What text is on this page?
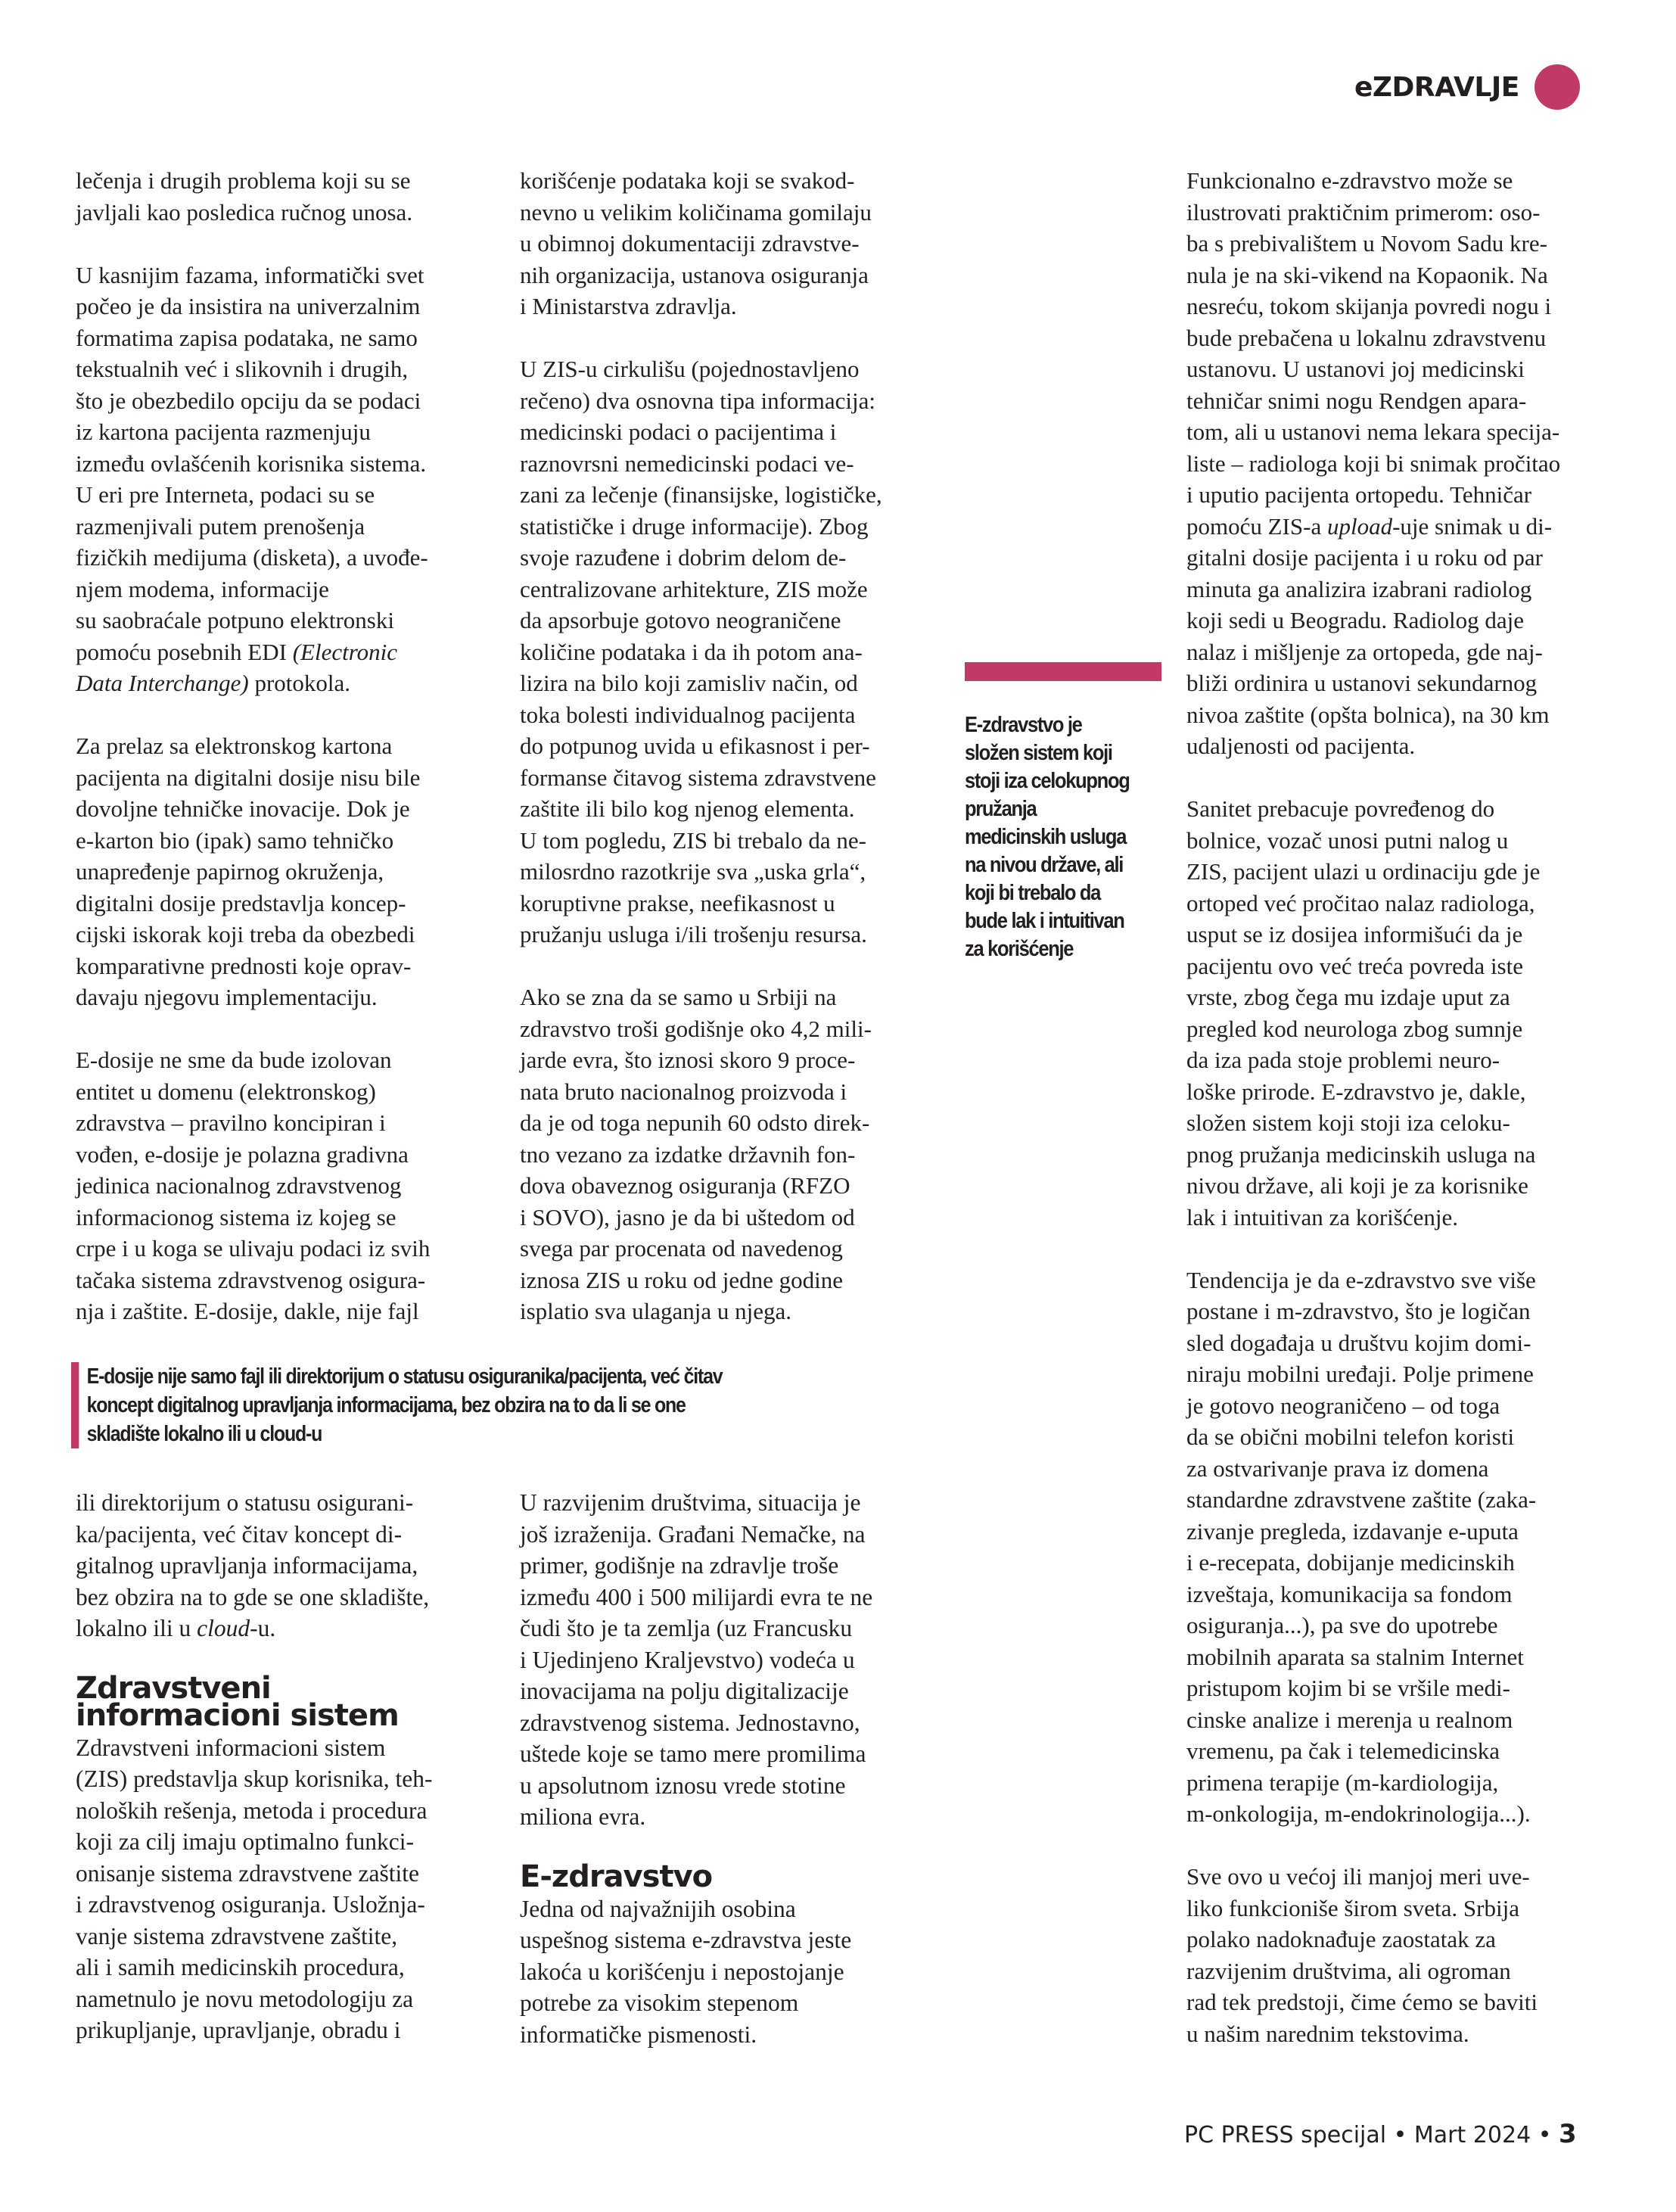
eZDRAVLJE

lečenja i drugih problema koji su se
javljali kao posledica ručnog unosa.

U kasnijim fazama, informatički svet
počeo je da insistira na univerzalnim
formatima zapisa podataka, ne samo
tekstualnih već i slikovnih i drugih,
što je obezbedilo opciju da se podaci
iz kartona pacijenta razmenjuju
između ovlašćenih korisnika sistema.
U eri pre Interneta, podaci su se
razmenjivali putem prenošenja
fizičkih medijuma (disketa), a uvođe-
njem modema, informacije
su saobraćale potpuno elektronski
pomoću posebnih EDI (Electronic
Data Interchange) protokola.

Za prelaz sa elektronskog kartona
pacijenta na digitalni dosije nisu bile
dovoljne tehničke inovacije. Dok je
e-karton bio (ipak) samo tehničko
unapređenje papirnog okruženja,
digitalni dosije predstavlja koncep-
cijski iskorak koji treba da obezbedi
komparativne prednosti koje oprav-
davaju njegovu implementaciju.

E-dosije ne sme da bude izolovan
entitet u domenu (elektronskog)
zdravstva – pravilno koncipiran i
vođen, e-dosije je polazna gradivna
jedinica nacionalnog zdravstvenog
informacionog sistema iz kojeg se
crpe i u koga se ulivaju podaci iz svih
tačaka sistema zdravstvenog osigura-
nja i zaštite. E-dosije, dakle, nije fajl

korišćenje podataka koji se svakod-
nevno u velikim količinama gomilaju
u obimnoj dokumentaciji zdravstve-
nih organizacija, ustanova osiguranja
i Ministarstva zdravlja.

U ZIS-u cirkulišu (pojednostavljeno
rečeno) dva osnovna tipa informacija:
medicinski podaci o pacijentima i
raznovrsni nemedicinski podaci ve-
zani za lečenje (finansijske, logističke,
statističke i druge informacije). Zbog
svoje razuđene i dobrim delom de-
centralizovane arhitekture, ZIS može
da apsorbuje gotovo neograničene
količine podataka i da ih potom ana-
lizira na bilo koji zamisliv način, od
toka bolesti individualnog pacijenta
do potpunog uvida u efikasnost i per-
formanse čitavog sistema zdravstvene
zaštite ili bilo kog njenog elementa.
U tom pogledu, ZIS bi trebalo da ne-
milosrdno razotkrije sva „uska grla“,
koruptivne prakse, neefikasnost u
pružanju usluga i/ili trošenju resursa.

Ako se zna da se samo u Srbiji na
zdravstvo troši godišnje oko 4,2 mili-
jarde evra, što iznosi skoro 9 proce-
nata bruto nacionalnog proizvoda i
da je od toga nepunih 60 odsto direk-
tno vezano za izdatke državnih fon-
dova obaveznog osiguranja (RFZO
i SOVO), jasno je da bi uštedom od
svega par procenata od navedenog
iznosa ZIS u roku od jedne godine
isplatio sva ulaganja u njega.

E-dosije nije samo fajl ili direktorijum o statusu osiguranika/pacijenta, već čitav
koncept digitalnog upravljanja informacijama, bez obzira na to da li se one
skladište lokalno ili u cloud-u

ili direktorijum o statusu osigurani-
ka/pacijenta, već čitav koncept di-
gitalnog upravljanja informacijama,
bez obzira na to gde se one skladište,
lokalno ili u cloud-u.

Zdravstveni
informacioni sistem

Zdravstveni informacioni sistem
(ZIS) predstavlja skup korisnika, teh-
noloških rešenja, metoda i procedura
koji za cilj imaju optimalno funkci-
onisanje sistema zdravstvene zaštite
i zdravstvenog osiguranja. Usložnja-
vanje sistema zdravstvene zaštite,
ali i samih medicinskih procedura,
nametnulo je novu metodologiju za
prikupljanje, upravljanje, obradu i

U razvijenim društvima, situacija je
još izraženija. Građani Nemačke, na
primer, godišnje na zdravlje troše
između 400 i 500 milijardi evra te ne
čudi što je ta zemlja (uz Francusku
i Ujedinjeno Kraljevstvo) vodeća u
inovacijama na polju digitalizacije
zdravstvenog sistema. Jednostavno,
uštede koje se tamo mere promilima
u apsolutnom iznosu vrede stotine
miliona evra.

E-zdravstvo

Jedna od najvažnijih osobina
uspešnog sistema e-zdravstva jeste
lakoća u korišćenju i nepostojanje
potrebe za visokim stepenom
informatičke pismenosti.

E-zdravstvo je
složen sistem koji
stoji iza celokupnog
pružanja
medicinskih usluga
na nivou države, ali
koji bi trebalo da
bude lak i intuitivan
za korišćenje

Funkcionalno e-zdravstvo može se
ilustrovati praktičnim primerom: oso-
ba s prebivalištem u Novom Sadu kre-
nula je na ski-vikend na Kopaonik. Na
nesreću, tokom skijanja povredi nogu i
bude prebačena u lokalnu zdravstvenu
ustanovu. U ustanovi joj medicinski
tehničar snimi nogu Rendgen apara-
tom, ali u ustanovi nema lekara specija-
liste – radiologa koji bi snimak pročitao
i uputio pacijenta ortopedu. Tehničar
pomoću ZIS-a upload-uje snimak u di-
gitalni dosije pacijenta i u roku od par
minuta ga analizira izabrani radiolog
koji sedi u Beogradu. Radiolog daje
nalaz i mišljenje za ortopeda, gde naj-
bliži ordinira u ustanovi sekundarnog
nivoa zaštite (opšta bolnica), na 30 km
udaljenosti od pacijenta.

Sanitet prebacuje povređenog do
bolnice, vozač unosi putni nalog u
ZIS, pacijent ulazi u ordinaciju gde je
ortoped već pročitao nalaz radiologa,
usput se iz dosijea informišući da je
pacijentu ovo već treća povreda iste
vrste, zbog čega mu izdaje uput za
pregled kod neurologa zbog sumnje
da iza pada stoje problemi neuro-
loške prirode. E-zdravstvo je, dakle,
složen sistem koji stoji iza celoku-
pnog pružanja medicinskih usluga na
nivou države, ali koji je za korisnike
lak i intuitivan za korišćenje.

Tendencija je da e-zdravstvo sve više
postane i m-zdravstvo, što je logičan
sled događaja u društvu kojim domi-
niraju mobilni uređaji. Polje primene
je gotovo neograničeno – od toga
da se obični mobilni telefon koristi
za ostvarivanje prava iz domena
standardne zdravstvene zaštite (zaka-
zivanje pregleda, izdavanje e-uputa
i e-recepata, dobijanje medicinskih
izveštaja, komunikacija sa fondom
osiguranja...), pa sve do upotrebe
mobilnih aparata sa stalnim Internet
pristupom kojim bi se vršile medi-
cinske analize i merenja u realnom
vremenu, pa čak i telemedicinska
primena terapije (m-kardiologija,
m-onkologija, m-endokrinologija...).

Sve ovo u većoj ili manjoj meri uve-
liko funkcioniše širom sveta. Srbija
polako nadoknađuje zaostatak za
razvijenim društvima, ali ogroman
rad tek predstoji, čime ćemo se baviti
u našim narednim tekstovima.

PC PRESS specijal • Mart 2024 • 3
